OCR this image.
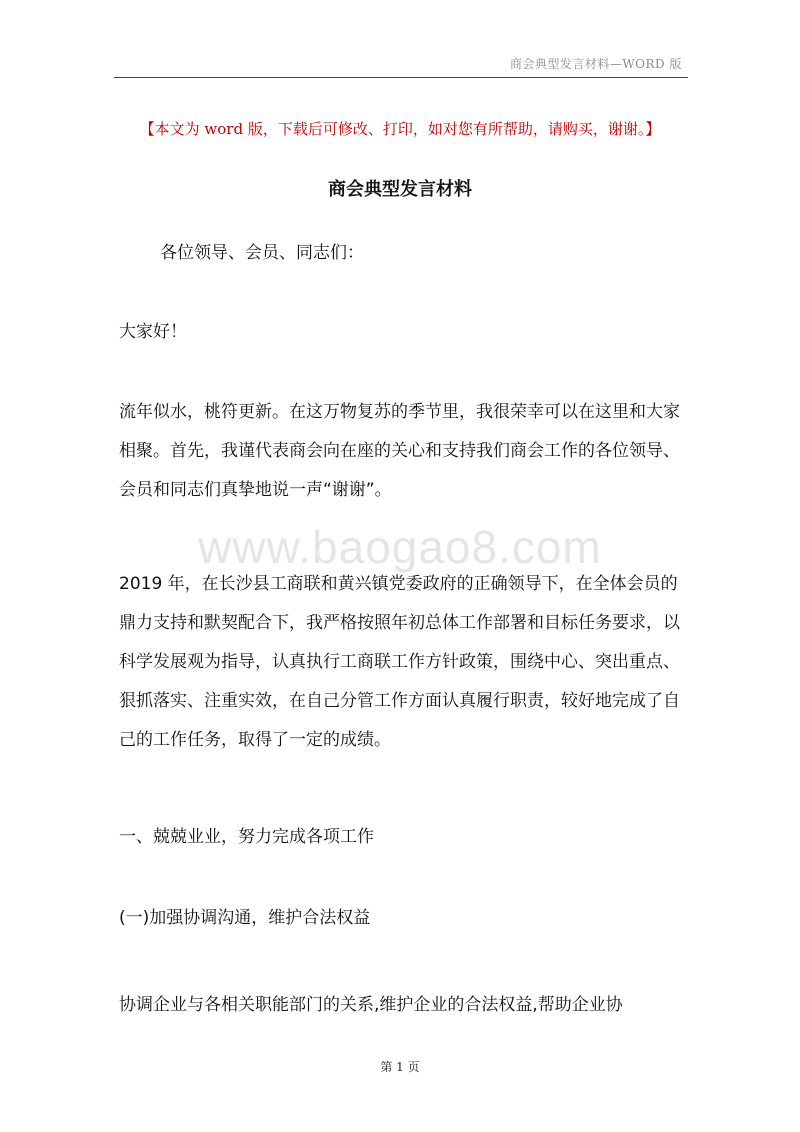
商会典型发言材料—WORD 版
【本文为 word 版，下载后可修改、打印，如对您有所帮助，请购买，谢谢。】
商会典型发言材料

各位领导、会员、同志们：

大家好！

流年似水，桃符更新。在这万物复苏的季节里，我很荣幸可以在这里和大家相聚。首先，我谨代表商会向在座的关心和支持我们商会工作的各位领导、会员和同志们真挚地说一声“谢谢”。

www.baogao8.com

2019 年，在长沙县工商联和黄兴镇党委政府的正确领导下，在全体会员的鼎力支持和默契配合下，我严格按照年初总体工作部署和目标任务要求，以科学发展观为指导，认真执行工商联工作方针政策，围绕中心、突出重点、狠抓落实、注重实效，在自己分管工作方面认真履行职责，较好地完成了自己的工作任务，取得了一定的成绩。

一、兢兢业业，努力完成各项工作

(一)加强协调沟通，维护合法权益

协调企业与各相关职能部门的关系,维护企业的合法权益,帮助企业协

第 1 页
